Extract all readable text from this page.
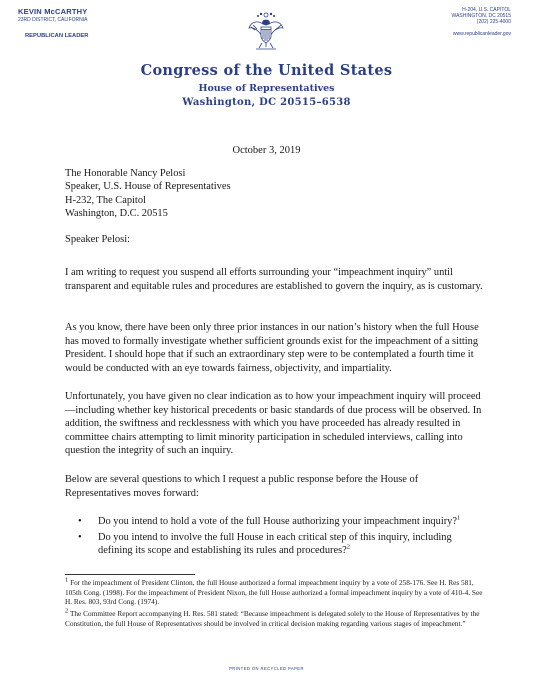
KEVIN McCARTHY
23RD DISTRICT, CALIFORNIA
REPUBLICAN LEADER
H-204, U.S. CAPITOL
WASHINGTON, DC 20515
(202) 225-4000
www.republicanleader.gov
Congress of the United States
House of Representatives
Washington, DC 20515–6538
October 3, 2019
The Honorable Nancy Pelosi
Speaker, U.S. House of Representatives
H-232, The Capitol
Washington, D.C. 20515
Speaker Pelosi:
I am writing to request you suspend all efforts surrounding your “impeachment inquiry” until transparent and equitable rules and procedures are established to govern the inquiry, as is customary.
As you know, there have been only three prior instances in our nation’s history when the full House has moved to formally investigate whether sufficient grounds exist for the impeachment of a sitting President. I should hope that if such an extraordinary step were to be contemplated a fourth time it would be conducted with an eye towards fairness, objectivity, and impartiality.
Unfortunately, you have given no clear indication as to how your impeachment inquiry will proceed—including whether key historical precedents or basic standards of due process will be observed. In addition, the swiftness and recklessness with which you have proceeded has already resulted in committee chairs attempting to limit minority participation in scheduled interviews, calling into question the integrity of such an inquiry.
Below are several questions to which I request a public response before the House of Representatives moves forward:
• Do you intend to hold a vote of the full House authorizing your impeachment inquiry?$^1$
• Do you intend to involve the full House in each critical step of this inquiry, including defining its scope and establishing its rules and procedures?$^2$

$^1$ For the impeachment of President Clinton, the full House authorized a formal impeachment inquiry by a vote of 258-176. See H. Res 581, 105th Cong. (1998). For the impeachment of President Nixon, the full House authorized a formal impeachment inquiry by a vote of 410-4. See H. Res. 803, 93rd Cong. (1974).

$^2$ The Committee Report accompanying H. Res. 581 stated: “Because impeachment is delegated solely to the House of Representatives by the Constitution, the full House of Representatives should be involved in critical decision making regarding various stages of impeachment.”

PRINTED ON RECYCLED PAPER
